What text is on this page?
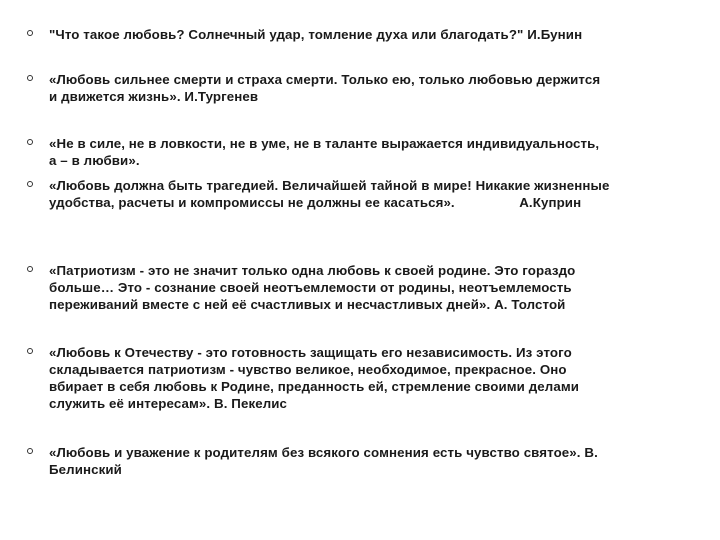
"Что такое любовь? Солнечный удар, томление духа или благодать?" И.Бунин
«Любовь сильнее смерти и страха смерти. Только ею, только любовью держится
и движется жизнь». И.Тургенев
«Не в силе, не в ловкости, не в уме, не в таланте выражается индивидуальность,
а – в любви».
«Любовь должна быть трагедией. Величайшей тайной в мире! Никакие жизненные
удобства, расчеты и компромиссы не должны ее касаться».                 А.Куприн
«Патриотизм - это не значит только одна любовь к своей родине. Это гораздо
больше… Это - сознание своей неотъемлемости от родины, неотъемлемость
переживаний вместе с ней её счастливых и несчастливых дней». А. Толстой
«Любовь к Отечеству - это готовность защищать его независимость. Из этого
складывается патриотизм - чувство великое, необходимое, прекрасное. Оно
вбирает в себя любовь к Родине, преданность ей, стремление своими делами
служить её интересам». В. Пекелис
«Любовь и уважение к родителям без всякого сомнения есть чувство святое». В.
Белинский
